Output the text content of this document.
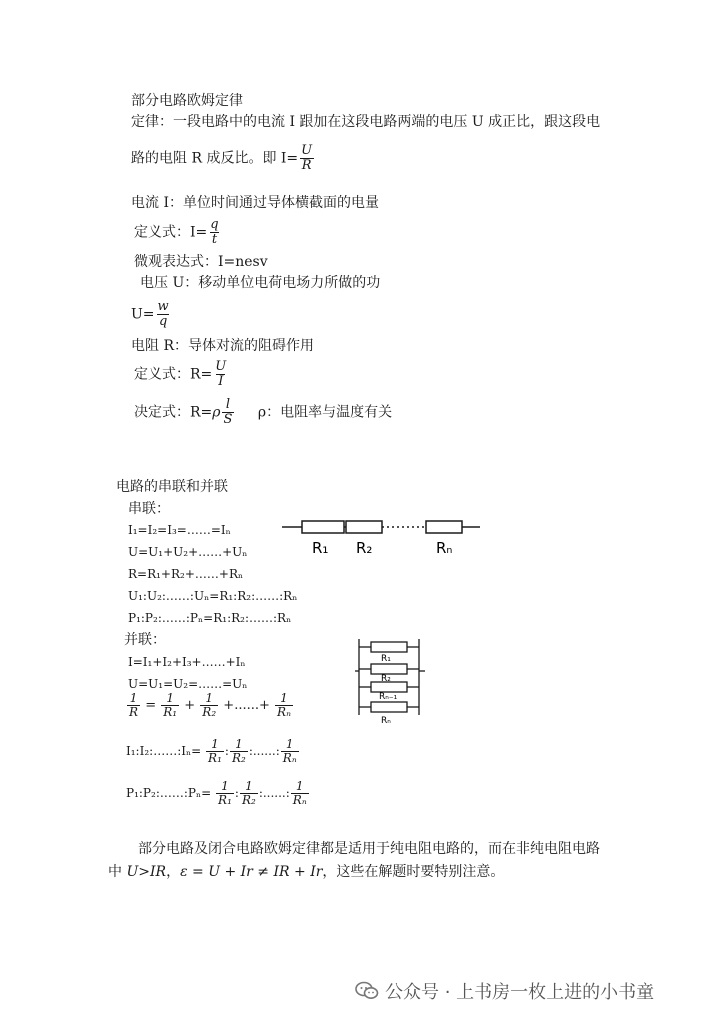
部分电路欧姆定律
定律：一段电路中的电流 I 跟加在这段电路两端的电压 U 成正比，跟这段电
路的电阻 R 成反比。即 $I= \frac{U}{R}$
电流 I：单位时间通过导体横截面的电量
定义式：$I= \frac{q}{t}$
微观表达式：I=nesv
电压 U：移动单位电荷电场力所做的功
$U= \frac{w}{q}$
电阻 R：导体对流的阻碍作用
定义式：$R= \frac{U}{I}$
决定式：$R=\rho \frac{l}{S}$ ρ：电阻率与温度有关
电路的串联和并联
串联：
I₁=I₂=I₃=……=Iₙ
U=U₁+U₂+……+Uₙ
R=R₁+R₂+……+Rₙ
U₁:U₂:……:Uₙ=R₁:R₂:……:Rₙ
P₁:P₂:……:Pₙ=R₁:R₂:……:Rₙ
R₁ R₂	Rₙ
并联：
I=I₁+I₂+I₃+……+Iₙ
U=U₁=U₂=……=Uₙ
R₁
R₂
Rₙ₋₁
Rₙ
$\frac{1}{R} = \frac{1}{\text{R₁}} + \frac{1}{\text{R₂}}$ +......+ $\frac{1}{\text{Rₙ}}$
I₁:I₂:……:Iₙ= $\frac{1}{\text{R₁}}$ : $\frac{1}{\text{R₂}}$ :......: $\frac{1}{\text{Rₙ}}$
P₁:P₂:……:Pₙ= $\frac{1}{\text{R₁}}$ : $\frac{1}{\text{R₂}}$ :......: $\frac{1}{\text{Rₙ}}$
部分电路及闭合电路欧姆定律都是适用于纯电阻电路的，而在非纯电阻电路
中 U>IR，ε = U + Ir ≠ IR + Ir，这些在解题时要特别注意。
公众号 · 上书房一枚上进的小书童
